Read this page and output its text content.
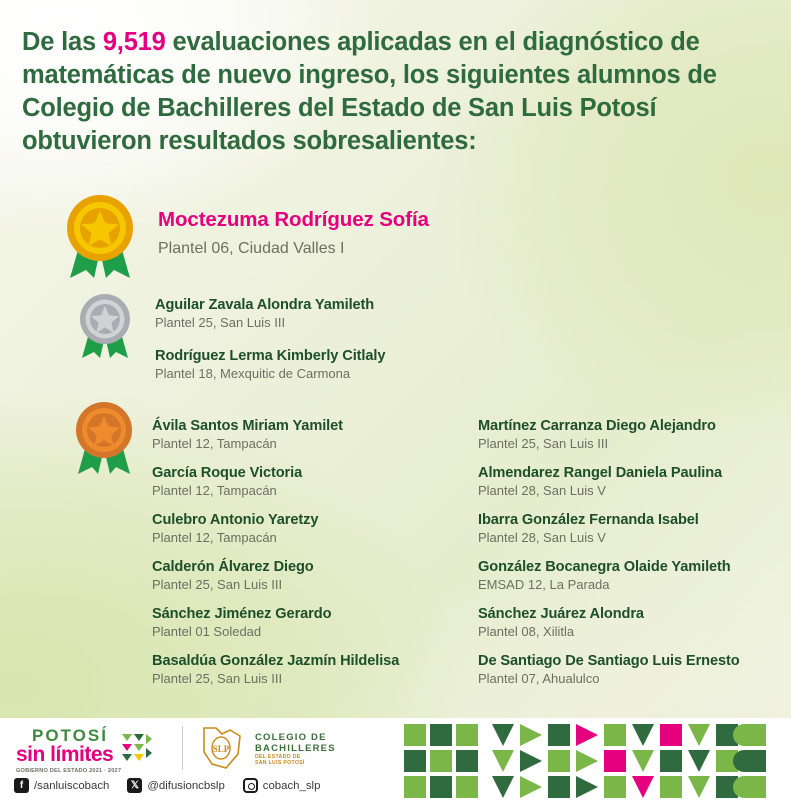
De las 9,519 evaluaciones aplicadas en el diagnóstico de matemáticas de nuevo ingreso, los siguientes alumnos de Colegio de Bachilleres del Estado de San Luis Potosí obtuvieron resultados sobresalientes:
Moctezuma Rodríguez Sofía
Plantel 06, Ciudad Valles I
Aguilar Zavala Alondra Yamileth
Plantel 25, San Luis III
Rodríguez Lerma Kimberly Citlaly
Plantel 18, Mexquitic de Carmona
Ávila Santos Miriam Yamilet
Plantel 12, Tampacán
García Roque Victoria
Plantel 12, Tampacán
Culebro Antonio Yaretzy
Plantel 12, Tampacán
Calderón Álvarez Diego
Plantel 25, San Luis III
Sánchez Jiménez Gerardo
Plantel 01 Soledad
Basaldúa González Jazmín Hildelisa
Plantel 25, San Luis III
Martínez Carranza Diego Alejandro
Plantel 25, San Luis III
Almendarez Rangel Daniela Paulina
Plantel 28, San Luis V
Ibarra González Fernanda Isabel
Plantel 28, San Luis V
González Bocanegra Olaide Yamileth
EMSAD 12, La Parada
Sánchez Juárez Alondra
Plantel 08, Xilitla
De Santiago De Santiago Luis Ernesto
Plantel 07, Ahualulco
POTOSÍ
sin límites
GOBIERNO DEL ESTADO 2021 · 2027
SLP
COLEGIO DE
BACHILLERES
DEL ESTADO DE
SAN LUIS POTOSÍ
f /sanluiscobach	𝕏 @difusioncbslp	cobach_slp
